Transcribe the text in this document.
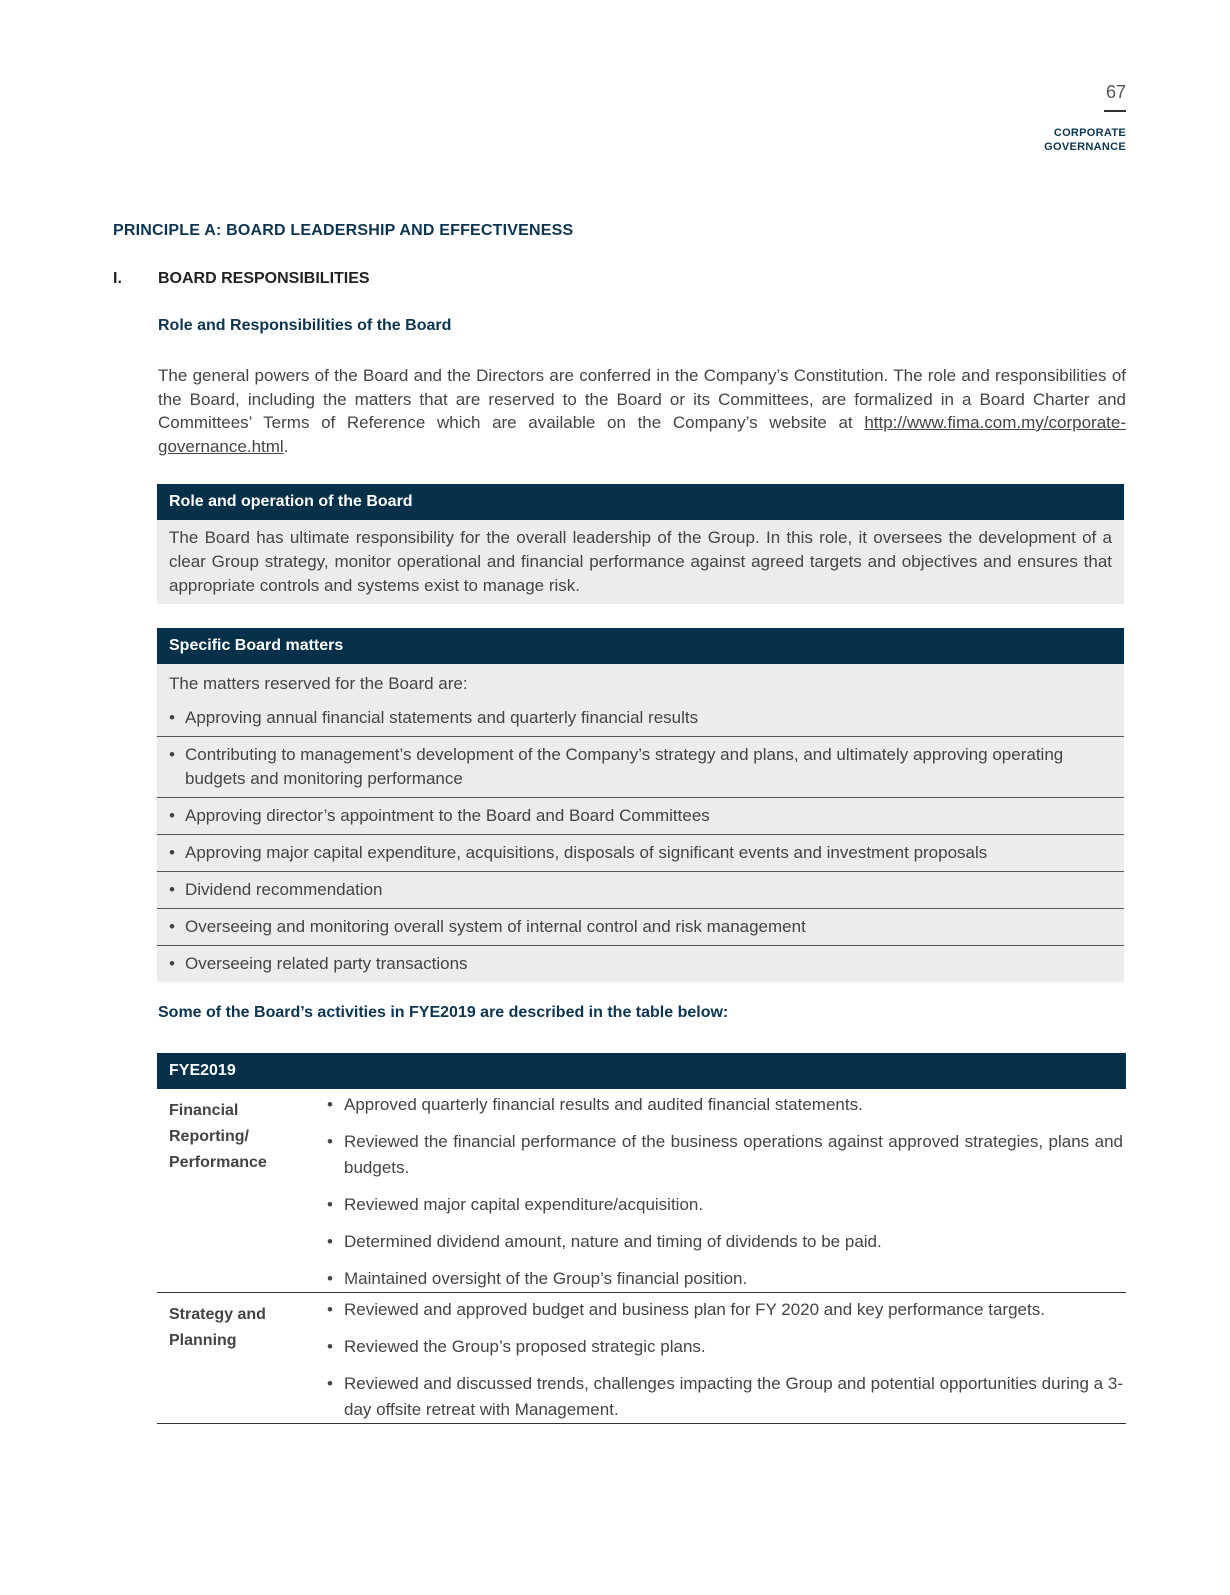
67
CORPORATE
GOVERNANCE
PRINCIPLE A: BOARD LEADERSHIP AND EFFECTIVENESS
I. BOARD RESPONSIBILITIES
Role and Responsibilities of the Board
The general powers of the Board and the Directors are conferred in the Company’s Constitution. The role and responsibilities of the Board, including the matters that are reserved to the Board or its Committees, are formalized in a Board Charter and Committees’ Terms of Reference which are available on the Company’s website at http://www.fima.com.my/corporate-governance.html.
Role and operation of the Board
The Board has ultimate responsibility for the overall leadership of the Group. In this role, it oversees the development of a clear Group strategy, monitor operational and financial performance against agreed targets and objectives and ensures that appropriate controls and systems exist to manage risk.
Specific Board matters
The matters reserved for the Board are:
• Approving annual financial statements and quarterly financial results
• Contributing to management’s development of the Company’s strategy and plans, and ultimately approving operating budgets and monitoring performance
• Approving director’s appointment to the Board and Board Committees
• Approving major capital expenditure, acquisitions, disposals of significant events and investment proposals
• Dividend recommendation
• Overseeing and monitoring overall system of internal control and risk management
• Overseeing related party transactions
Some of the Board’s activities in FYE2019 are described in the table below:
FYE2019
Financial
Reporting/
Performance
• Approved quarterly financial results and audited financial statements.
• Reviewed the financial performance of the business operations against approved strategies, plans and budgets.
• Reviewed major capital expenditure/acquisition.
• Determined dividend amount, nature and timing of dividends to be paid.
• Maintained oversight of the Group’s financial position.
Strategy and
Planning
• Reviewed and approved budget and business plan for FY 2020 and key performance targets.
• Reviewed the Group’s proposed strategic plans.
• Reviewed and discussed trends, challenges impacting the Group and potential opportunities during a 3-day offsite retreat with Management.
